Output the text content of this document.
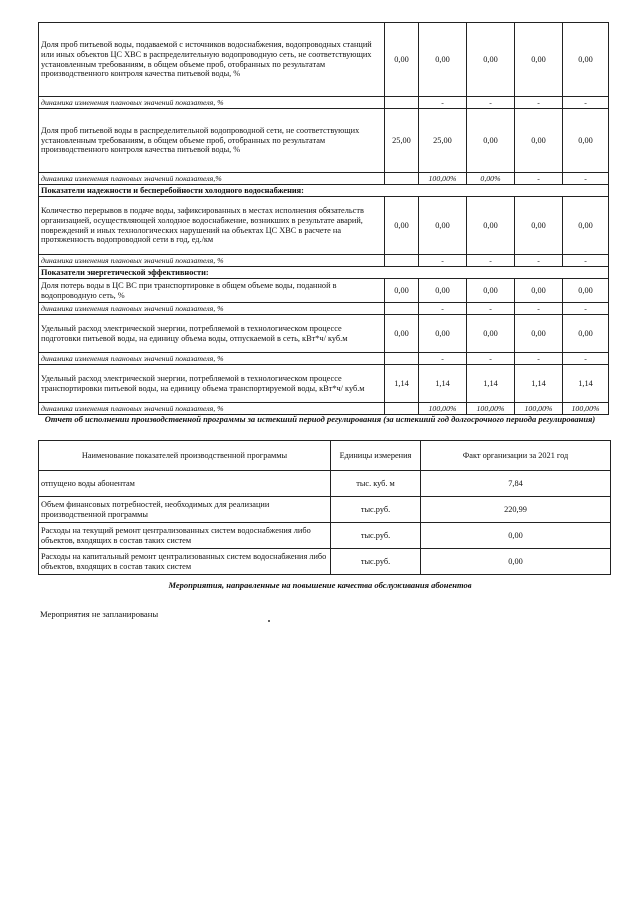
Доля проб питьевой воды, подаваемой с источников водоснабжения, водопроводных станций или иных объектов ЦС ХВС в распределительную водопроводную сеть, не соответствующих установленным требованиям, в общем объеме проб, отобранных по результатам производственного контроля качества питьевой воды, %	0,00	0,00	0,00	0,00	0,00
динамика изменения плановых значений показателя, %		-	-	-	-
Доля проб питьевой воды в распределительной водопроводной сети, не соответствующих установленным требованиям, в общем объеме проб, отобранных по результатам производственного контроля качества питьевой воды, %	25,00	25,00	0,00	0,00	0,00
динамика изменения плановых значений показателя,%		100,00%	0,00%	-	-
Показатели надежности и бесперебойности холодного водоснабжения:					
Количество перерывов в подаче воды, зафиксированных в местах исполнения обязательств организацией, осуществляющей холодное водоснабжение, возникших в результате аварий, повреждений и иных технологических нарушений на объектах ЦС ХВС в расчете на протяженность водопроводной сети в год, ед./км	0,00	0,00	0,00	0,00	0,00
динамика изменения плановых значений показателя, %		-	-	-	-
Показатели энергетической эффективности:					
Доля потерь воды в ЦС ВС при транспортировке в общем объеме воды, поданной в водопроводную сеть, %	0,00	0,00	0,00	0,00	0,00
динамика изменения плановых значений показателя, %		-	-	-	-
Удельный расход электрической энергии, потребляемой в технологическом процессе подготовки питьевой воды, на единицу объема воды, отпускаемой в сеть, кВт*ч/ куб.м	0,00	0,00	0,00	0,00	0,00
динамика изменения плановых значений показателя, %		-	-	-	-
Удельный расход электрической энергии, потребляемой в технологическом процессе транспортировки питьевой воды, на единицу объема транспортируемой воды, кВт*ч/ куб.м	1,14	1,14	1,14	1,14	1,14
динамика изменения плановых значений показателя, %		100,00%	100,00%	100,00%	100,00%
Отчет об исполнении производственной программы за истекший период регулирования (за истекший год долгосрочного периода регулирования)
Наименование показателей производственной программы	Единицы измерения	Факт организации за 2021 год
отпущено воды абонентам	тыс. куб. м	7,84
Объем финансовых потребностей, необходимых для реализации производственной программы	тыс.руб.	220,99
Расходы на текущий ремонт централизованных систем водоснабжения либо объектов, входящих в состав таких систем	тыс.руб.	0,00
Расходы на капитальный ремонт централизованных систем водоснабжения либо объектов, входящих в состав таких систем	тыс.руб.	0,00
Мероприятия, направленные на повышение качества обслуживания абонентов
Мероприятия не запланированы
